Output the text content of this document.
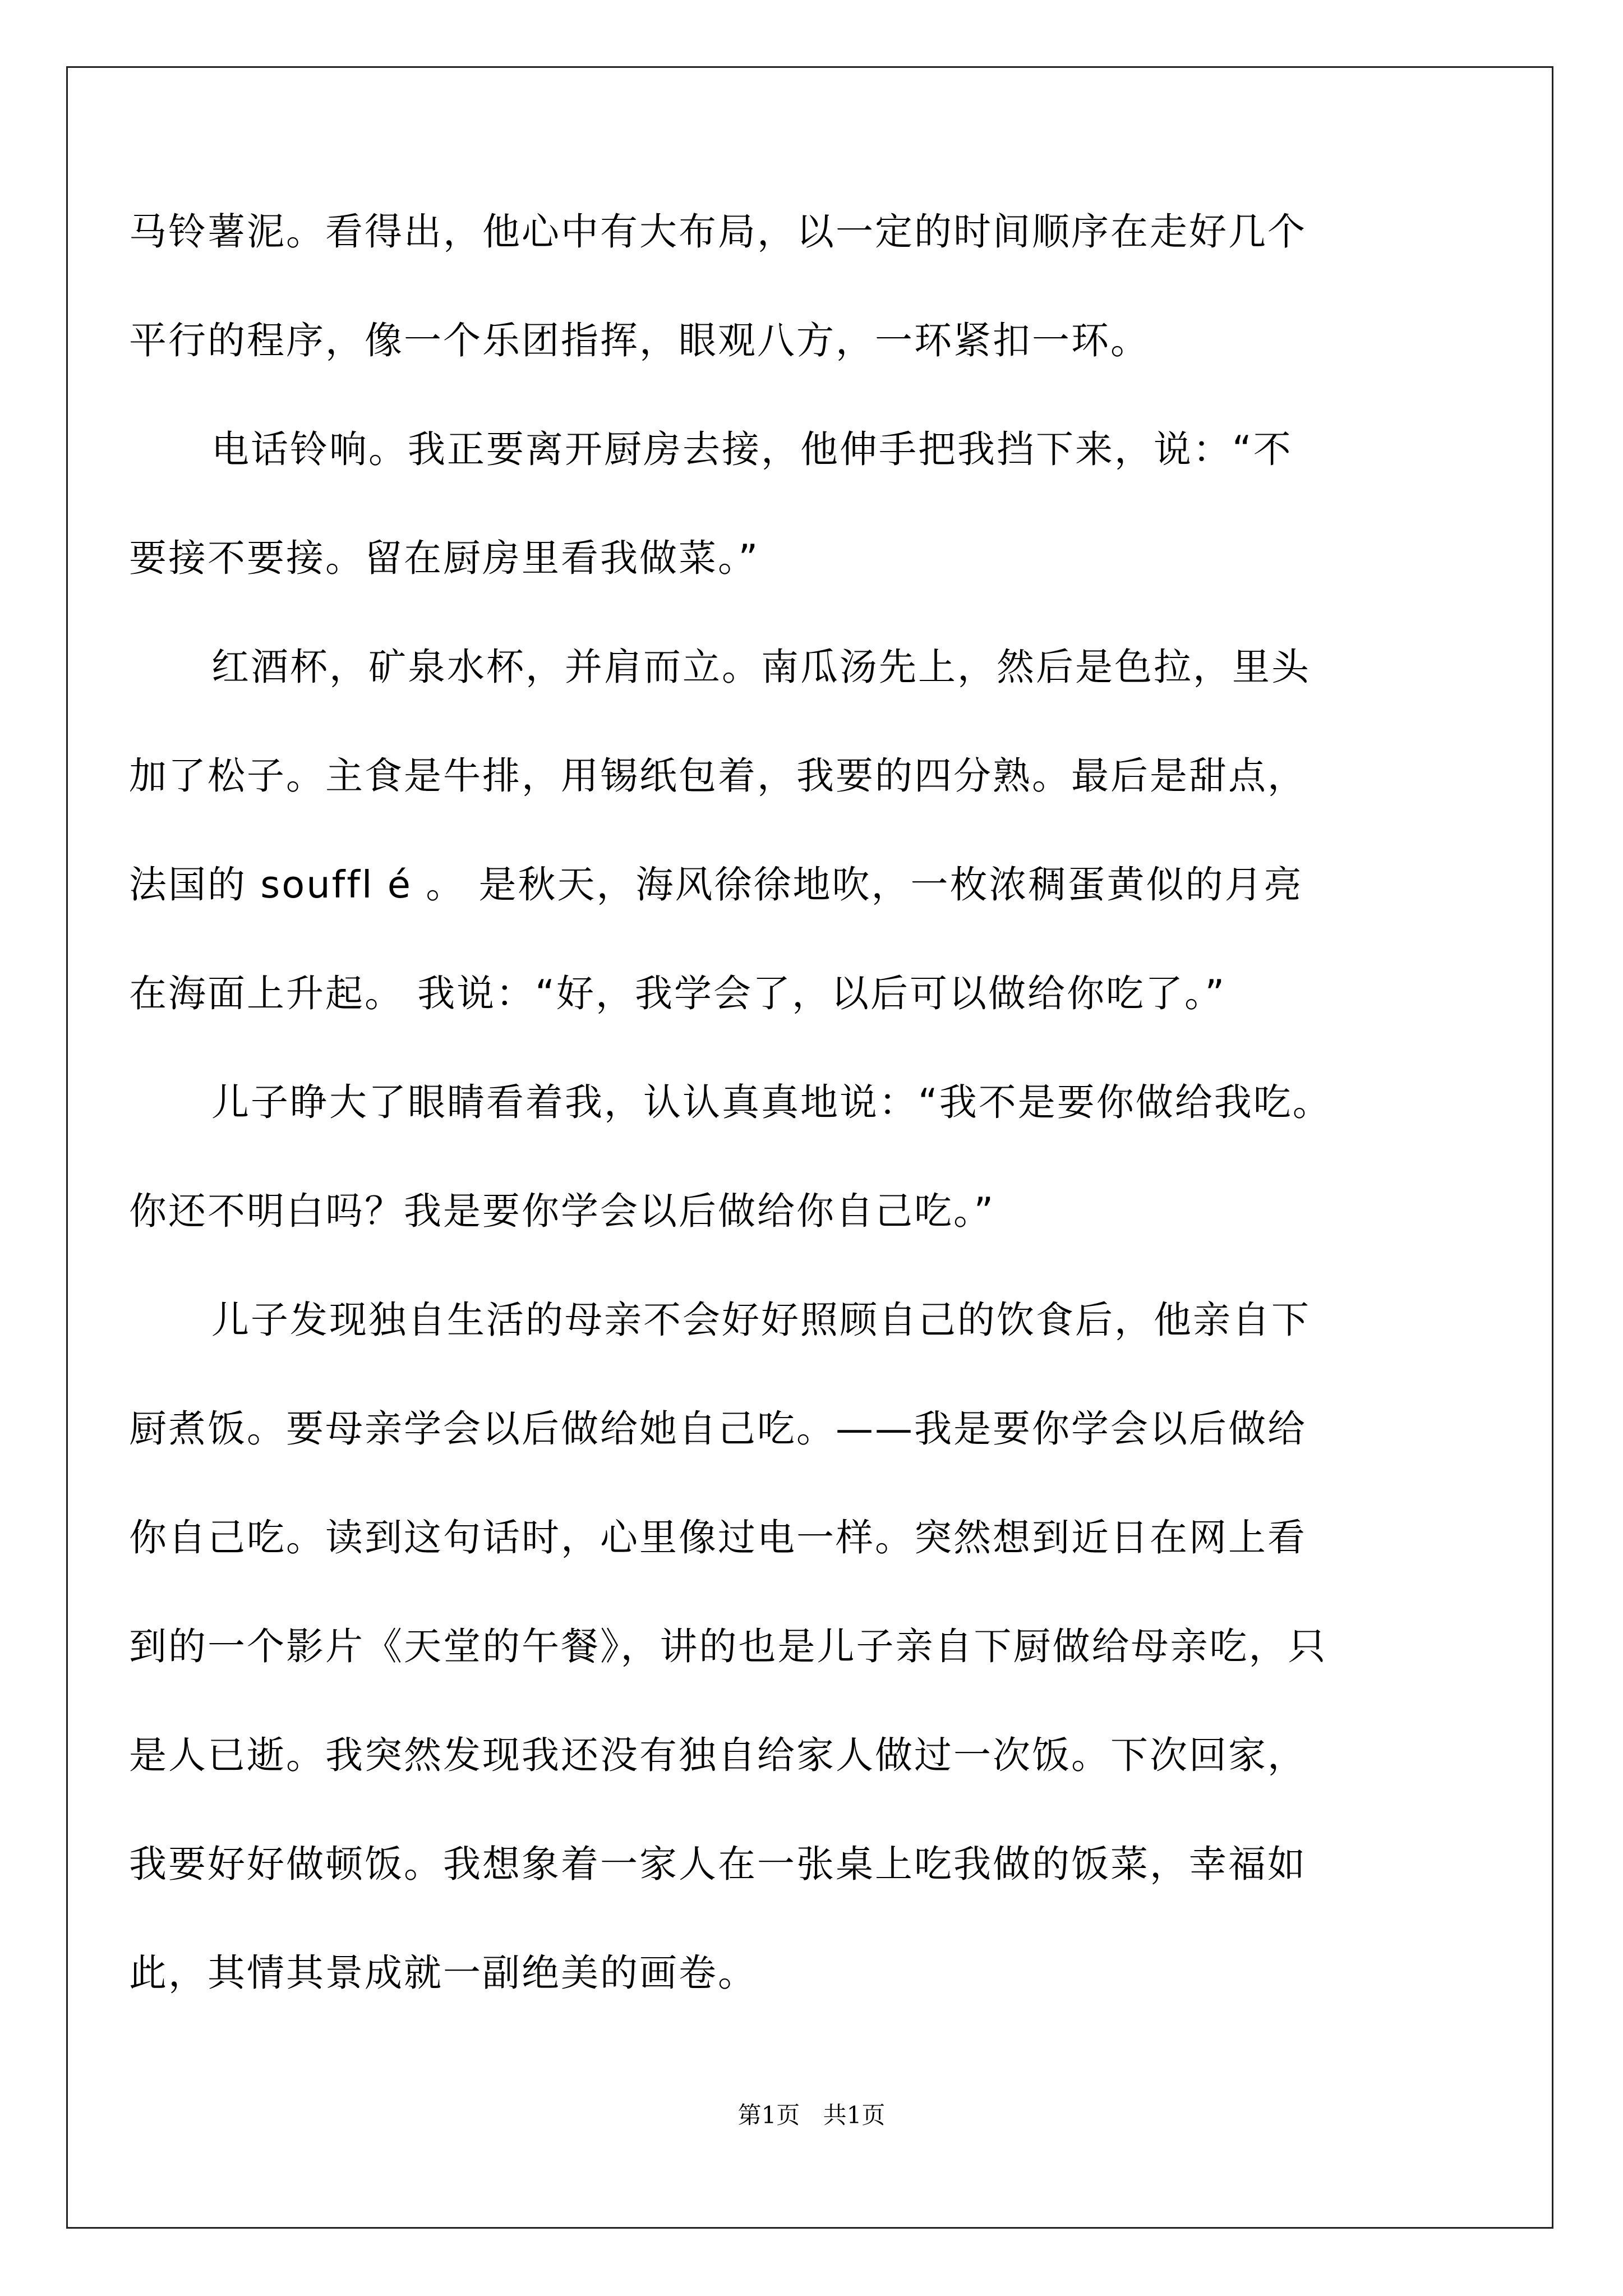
马铃薯泥。看得出，他心中有大布局，以一定的时间顺序在走好几个
平行的程序，像一个乐团指挥，眼观八方，一环紧扣一环。
电话铃响。我正要离开厨房去接，他伸手把我挡下来，说：“不
要接不要接。留在厨房里看我做菜。”
红酒杯，矿泉水杯，并肩而立。南瓜汤先上，然后是色拉，里头
加了松子。主食是牛排，用锡纸包着，我要的四分熟。最后是甜点，
法国的 souffl é 。 是秋天，海风徐徐地吹，一枚浓稠蛋黄似的月亮
在海面上升起。 我说：“好，我学会了，以后可以做给你吃了。”
儿子睁大了眼睛看着我，认认真真地说：“我不是要你做给我吃。
你还不明白吗？我是要你学会以后做给你自己吃。”
儿子发现独自生活的母亲不会好好照顾自己的饮食后，他亲自下
厨煮饭。要母亲学会以后做给她自己吃。——我是要你学会以后做给
你自己吃。读到这句话时，心里像过电一样。突然想到近日在网上看
到的一个影片《天堂的午餐》，讲的也是儿子亲自下厨做给母亲吃，只
是人已逝。我突然发现我还没有独自给家人做过一次饭。下次回家，
我要好好做顿饭。我想象着一家人在一张桌上吃我做的饭菜，幸福如
此，其情其景成就一副绝美的画卷。
第1页 共1页
